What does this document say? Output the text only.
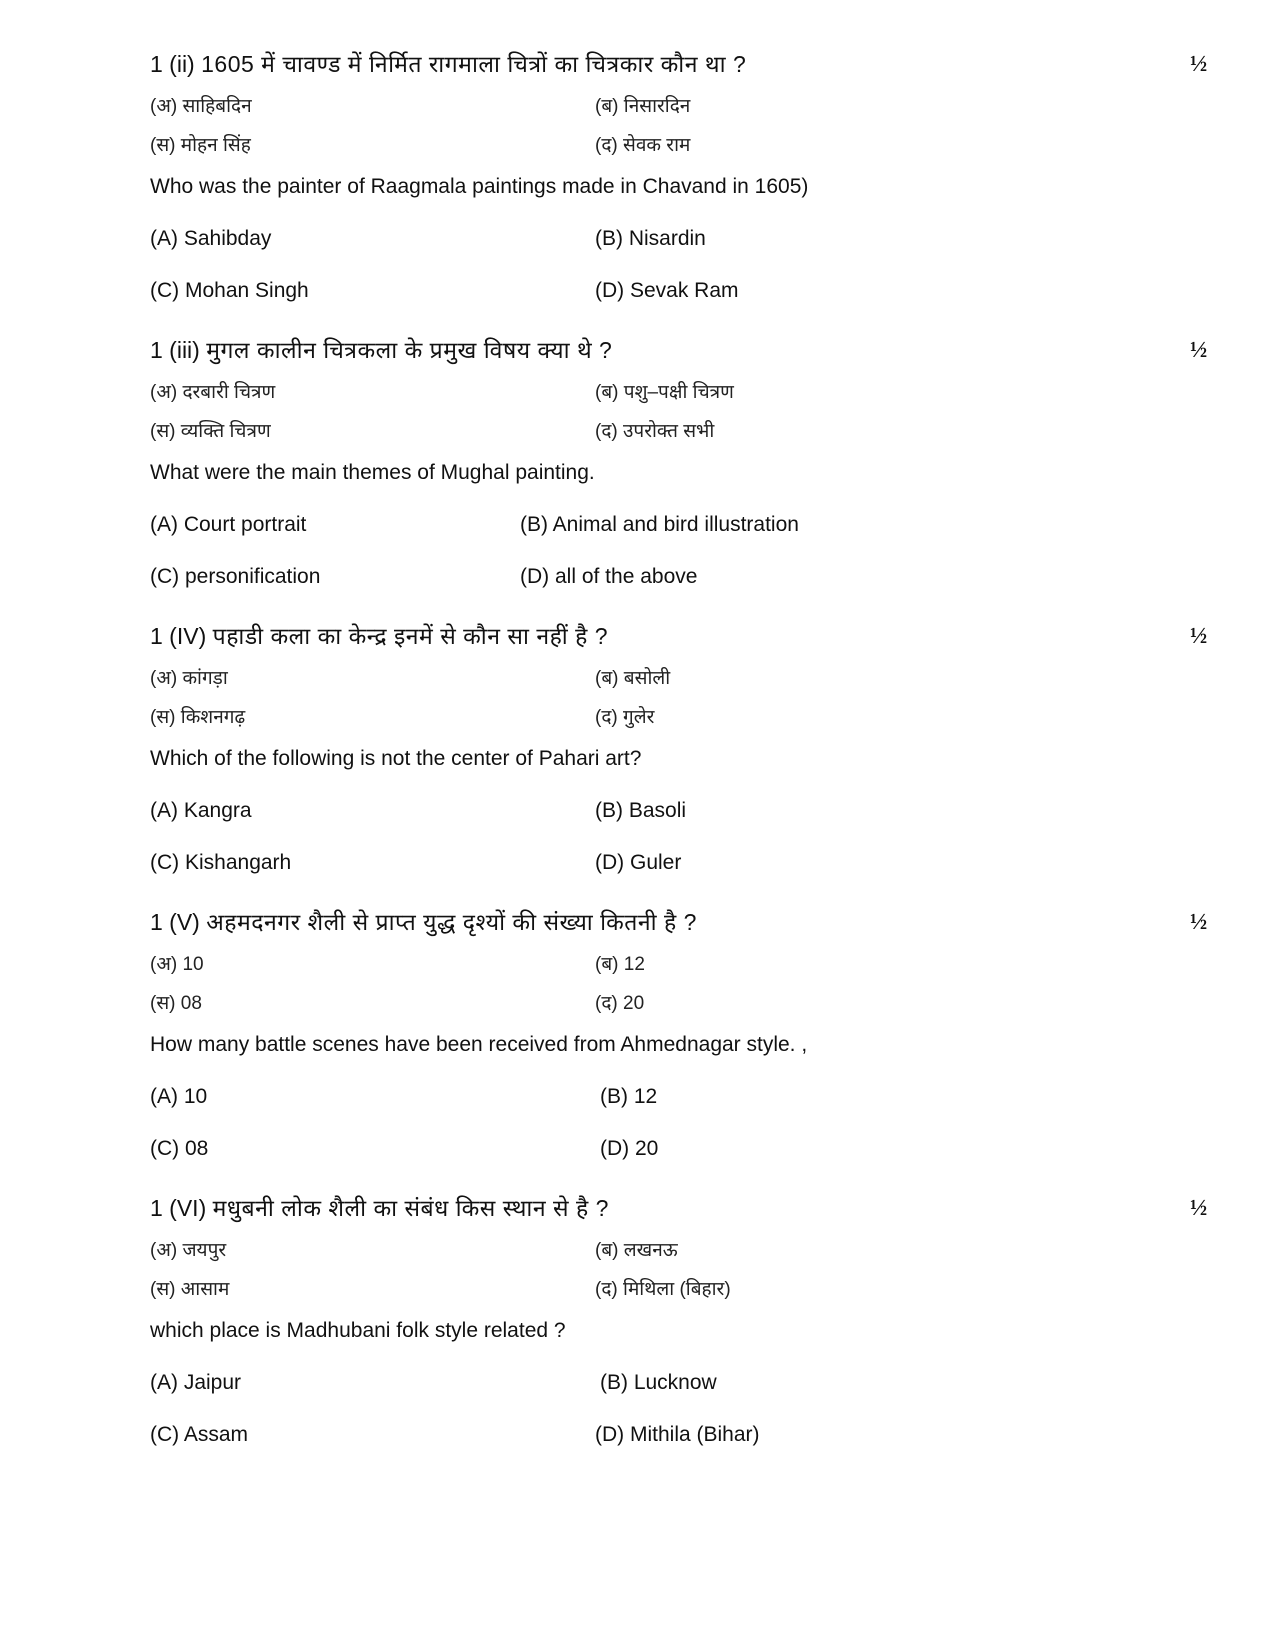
1 (ii) 1605 में चावण्ड में निर्मित रागमाला चित्रों का चित्रकार कौन था ?	½
(अ) साहिबदिन	(ब) निसारदिन
(स) मोहन सिंह	(द) सेवक राम
Who was the painter of Raagmala paintings made in Chavand in 1605)
(A) Sahibday	(B) Nisardin
(C) Mohan Singh	(D) Sevak Ram
1 (iii) मुगल कालीन चित्रकला के प्रमुख विषय क्या थे ?	½
(अ) दरबारी चित्रण	(ब) पशु–पक्षी चित्रण
(स) व्यक्ति चित्रण	(द) उपरोक्त सभी
What were the main themes of Mughal painting.
(A) Court portrait	(B) Animal and bird illustration
(C) personification	(D) all of the above
1 (IV) पहाडी कला का केन्द्र इनमें से कौन सा नहीं है ?	½
(अ) कांगड़ा	(ब) बसोली
(स) किशनगढ़	(द) गुलेर
Which of the following is not the center of Pahari art?
(A) Kangra	(B) Basoli
(C) Kishangarh	(D) Guler
1 (V) अहमदनगर शैली से प्राप्त युद्ध दृश्यों की संख्या कितनी है ?	½
(अ) 10	(ब) 12
(स) 08	(द) 20
How many battle scenes have been received from Ahmednagar style. ,
(A) 10	(B) 12
(C) 08	(D) 20
1 (VI) मधुबनी लोक शैली का संबंध किस स्थान से है ?	½
(अ) जयपुर	(ब) लखनऊ
(स) आसाम	(द) मिथिला (बिहार)
which place is Madhubani folk style related ?
(A) Jaipur	(B) Lucknow
(C) Assam	(D) Mithila (Bihar)
